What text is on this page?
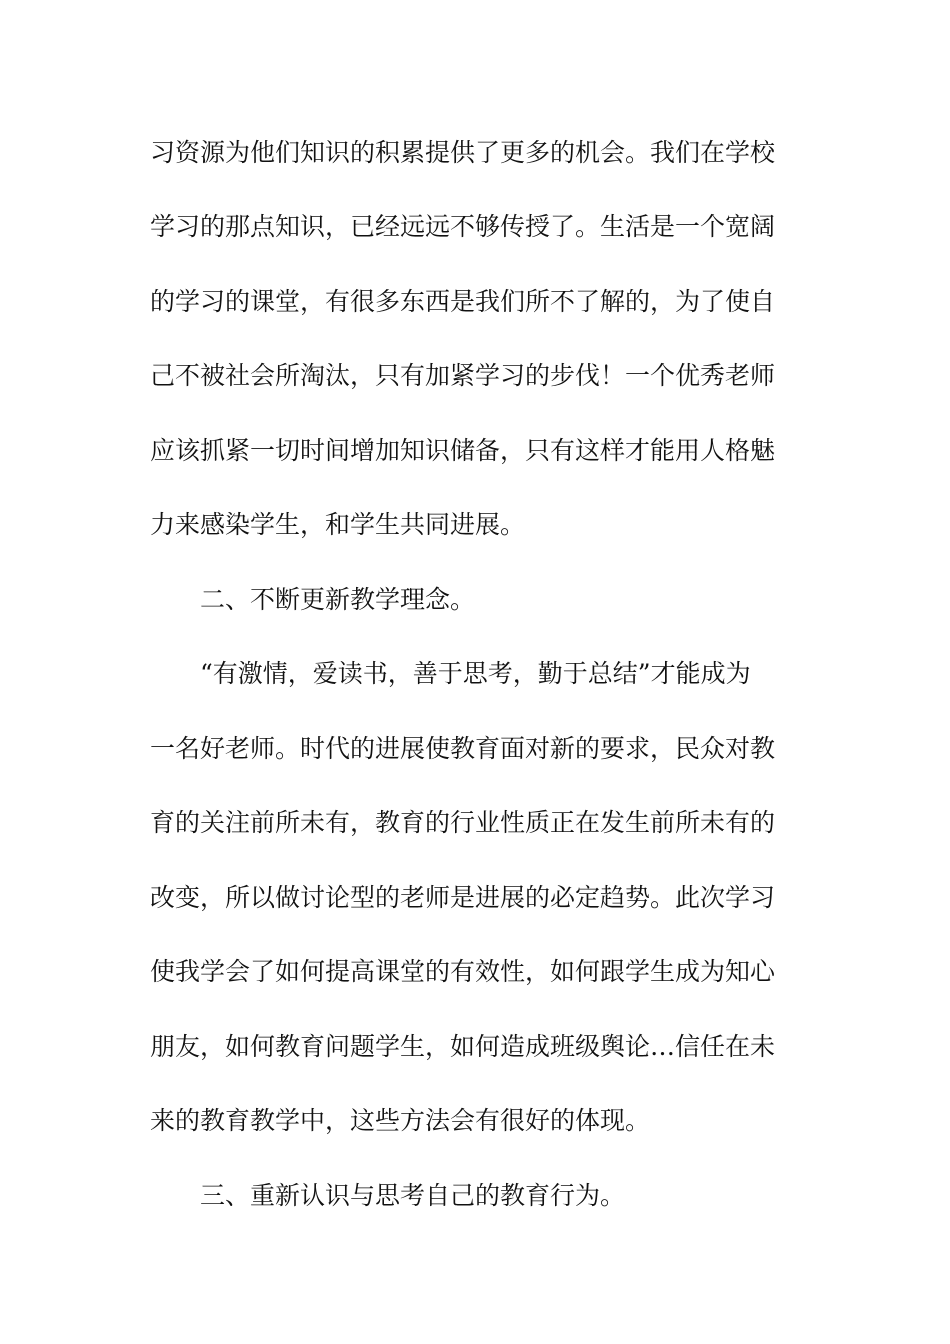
习资源为他们知识的积累提供了更多的机会。我们在学校
学习的那点知识，已经远远不够传授了。生活是一个宽阔
的学习的课堂，有很多东西是我们所不了解的，为了使自
己不被社会所淘汰，只有加紧学习的步伐！一个优秀老师
应该抓紧一切时间增加知识储备，只有这样才能用人格魅
力来感染学生，和学生共同进展。
二、不断更新教学理念。
“有激情，爱读书，善于思考，勤于总结”才能成为
一名好老师。时代的进展使教育面对新的要求，民众对教
育的关注前所未有，教育的行业性质正在发生前所未有的
改变，所以做讨论型的老师是进展的必定趋势。此次学习
使我学会了如何提高课堂的有效性，如何跟学生成为知心
朋友，如何教育问题学生，如何造成班级舆论…信任在未
来的教育教学中，这些方法会有很好的体现。
三、重新认识与思考自己的教育行为。
